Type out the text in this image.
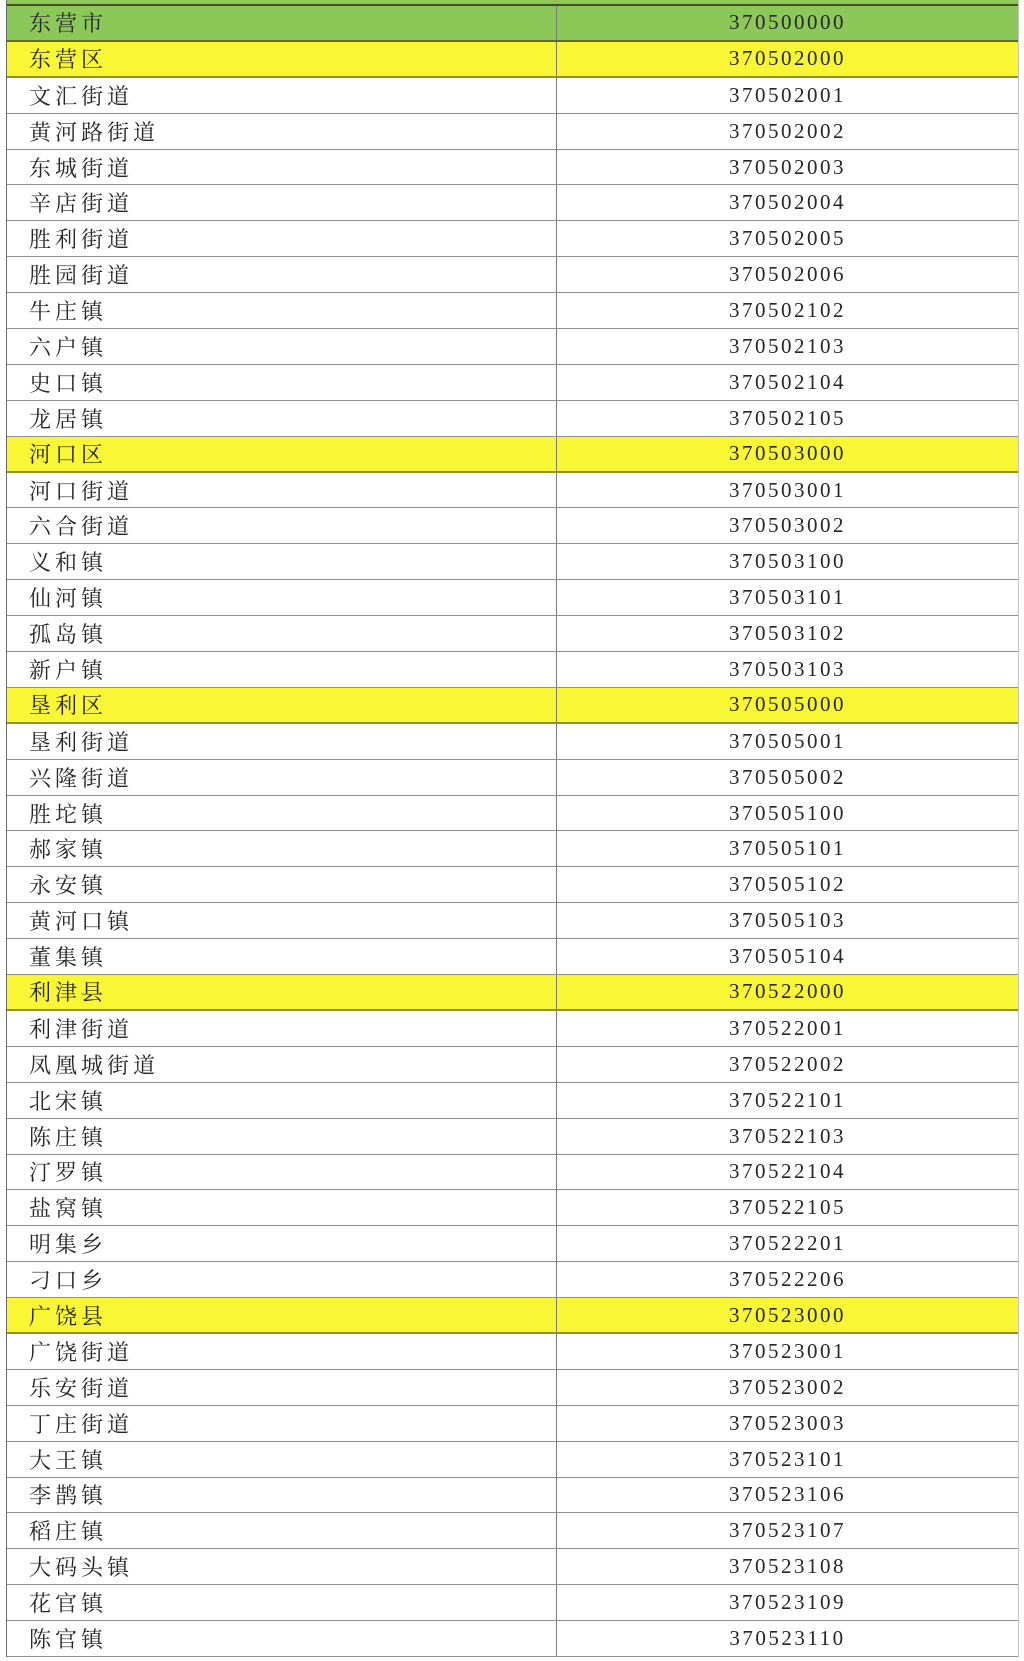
东营市	370500000
东营区	370502000
文汇街道	370502001
黄河路街道	370502002
东城街道	370502003
辛店街道	370502004
胜利街道	370502005
胜园街道	370502006
牛庄镇	370502102
六户镇	370502103
史口镇	370502104
龙居镇	370502105
河口区	370503000
河口街道	370503001
六合街道	370503002
义和镇	370503100
仙河镇	370503101
孤岛镇	370503102
新户镇	370503103
垦利区	370505000
垦利街道	370505001
兴隆街道	370505002
胜坨镇	370505100
郝家镇	370505101
永安镇	370505102
黄河口镇	370505103
董集镇	370505104
利津县	370522000
利津街道	370522001
凤凰城街道	370522002
北宋镇	370522101
陈庄镇	370522103
汀罗镇	370522104
盐窝镇	370522105
明集乡	370522201
刁口乡	370522206
广饶县	370523000
广饶街道	370523001
乐安街道	370523002
丁庄街道	370523003
大王镇	370523101
李鹊镇	370523106
稻庄镇	370523107
大码头镇	370523108
花官镇	370523109
陈官镇	370523110
